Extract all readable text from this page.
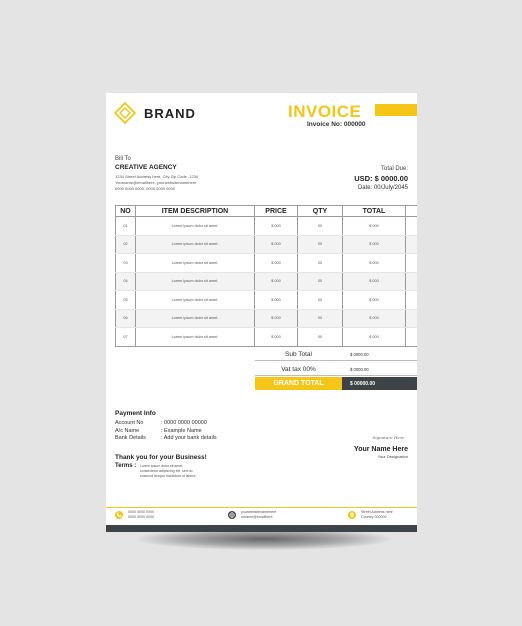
BRAND	INVOICE
Invoice No: 000000
Bill To
CREATIVE AGENCY
1234 Street Address here, City Zip Code -1234
Yourname@emailhere, yourwebsitenamehere
0000 0000 0000, 0000 0000 0000
Total Due:
USD: $ 0000.00
Date: 00/July/2045
NO	ITEM DESCRIPTION	PRICE	QTY	TOTAL	
01	Lorem ipsum dolor sit amet.	$ 000	00	$ 000	
02	Lorem ipsum dolor sit amet.	$ 000	00	$ 000	
03	Lorem ipsum dolor sit amet.	$ 000	00	$ 000	
04	Lorem ipsum dolor sit amet.	$ 000	00	$ 000	
05	Lorem ipsum dolor sit amet.	$ 000	00	$ 000	
06	Lorem ipsum dolor sit amet.	$ 000	00	$ 000	
07	Lorem ipsum dolor sit amet.	$ 000	00	$ 000	
Sub Total	$ 0000.00
Vat tax 00%	$ 0000.00
GRAND TOTAL	$ 00000.00
Payment Info
Account No	: 0000 0000 00000
A/c Name	: Example Name
Bank Details	: Add your bank details
Thank you for your Business!
Terms : Lorem ipsum dolor sit amet,
consectetur adipiscing elit, sed do
eiusmod tempor incididunt ut labore.
Signature Here
Your Name Here
Your Designation
0000 0000 0000
0000 0000 0000
yourwebsitenamehere
urname@emailhere
Street Address here
Country 000000
